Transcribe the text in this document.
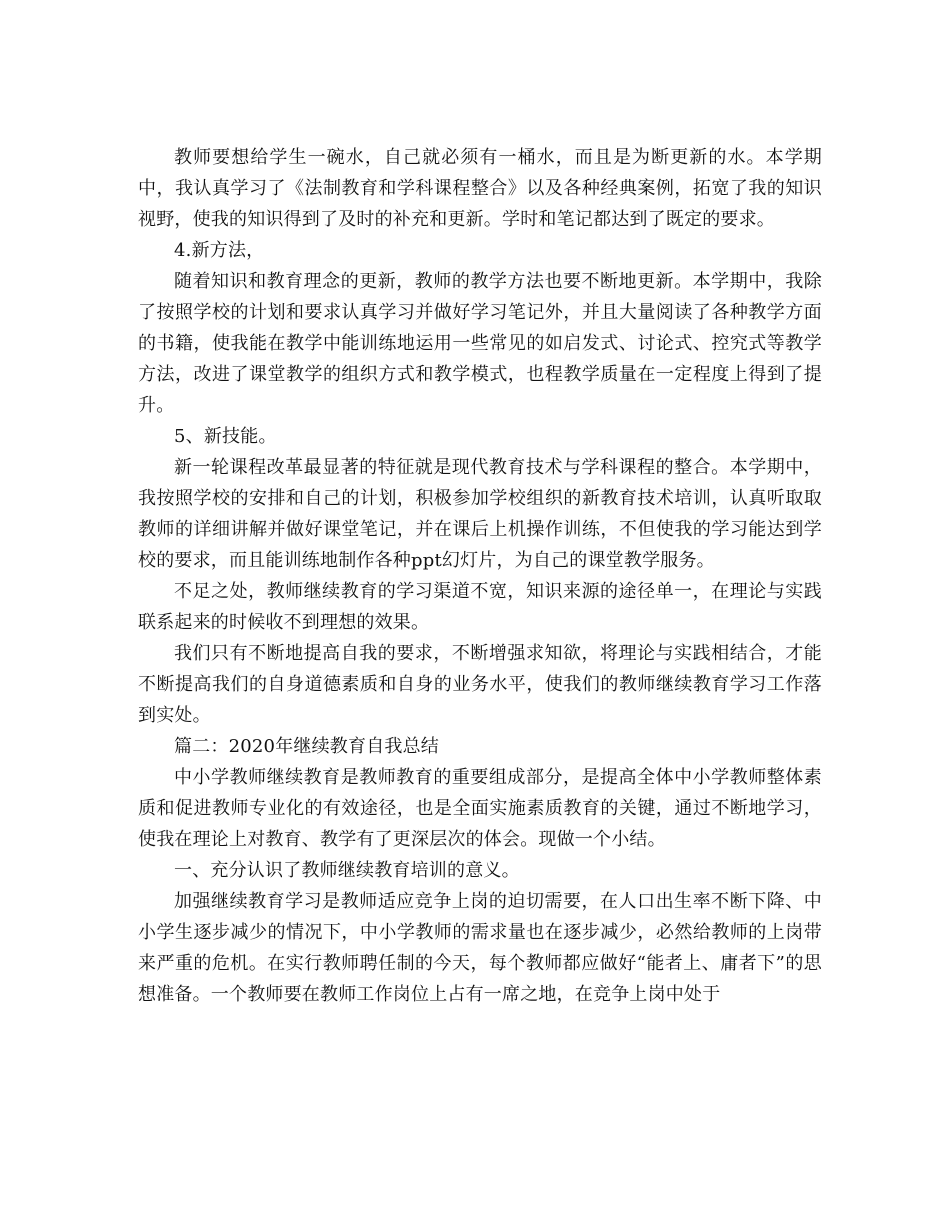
教师要想给学生一碗水，自己就必须有一桶水，而且是为断更新的水。本学期中，我认真学习了《法制教育和学科课程整合》以及各种经典案例，拓宽了我的知识视野，使我的知识得到了及时的补充和更新。学时和笔记都达到了既定的要求。

4.新方法，

随着知识和教育理念的更新，教师的教学方法也要不断地更新。本学期中，我除了按照学校的计划和要求认真学习并做好学习笔记外，并且大量阅读了各种教学方面的书籍，使我能在教学中能训练地运用一些常见的如启发式、讨论式、控究式等教学方法，改进了课堂教学的组织方式和教学模式，也程教学质量在一定程度上得到了提升。

5、新技能。

新一轮课程改革最显著的特征就是现代教育技术与学科课程的整合。本学期中，我按照学校的安排和自己的计划，积极参加学校组织的新教育技术培训，认真听取取教师的详细讲解并做好课堂笔记，并在课后上机操作训练，不但使我的学习能达到学校的要求，而且能训练地制作各种ppt幻灯片，为自己的课堂教学服务。

不足之处，教师继续教育的学习渠道不宽，知识来源的途径单一，在理论与实践联系起来的时候收不到理想的效果。

我们只有不断地提高自我的要求，不断增强求知欲，将理论与实践相结合，才能不断提高我们的自身道德素质和自身的业务水平，使我们的教师继续教育学习工作落到实处。

篇二：2020年继续教育自我总结

中小学教师继续教育是教师教育的重要组成部分，是提高全体中小学教师整体素质和促进教师专业化的有效途径，也是全面实施素质教育的关键，通过不断地学习，使我在理论上对教育、教学有了更深层次的体会。现做一个小结。

一、充分认识了教师继续教育培训的意义。

加强继续教育学习是教师适应竞争上岗的迫切需要，在人口出生率不断下降、中小学生逐步减少的情况下，中小学教师的需求量也在逐步减少，必然给教师的上岗带来严重的危机。在实行教师聘任制的今天，每个教师都应做好“能者上、庸者下”的思想准备。一个教师要在教师工作岗位上占有一席之地，在竞争上岗中处于
